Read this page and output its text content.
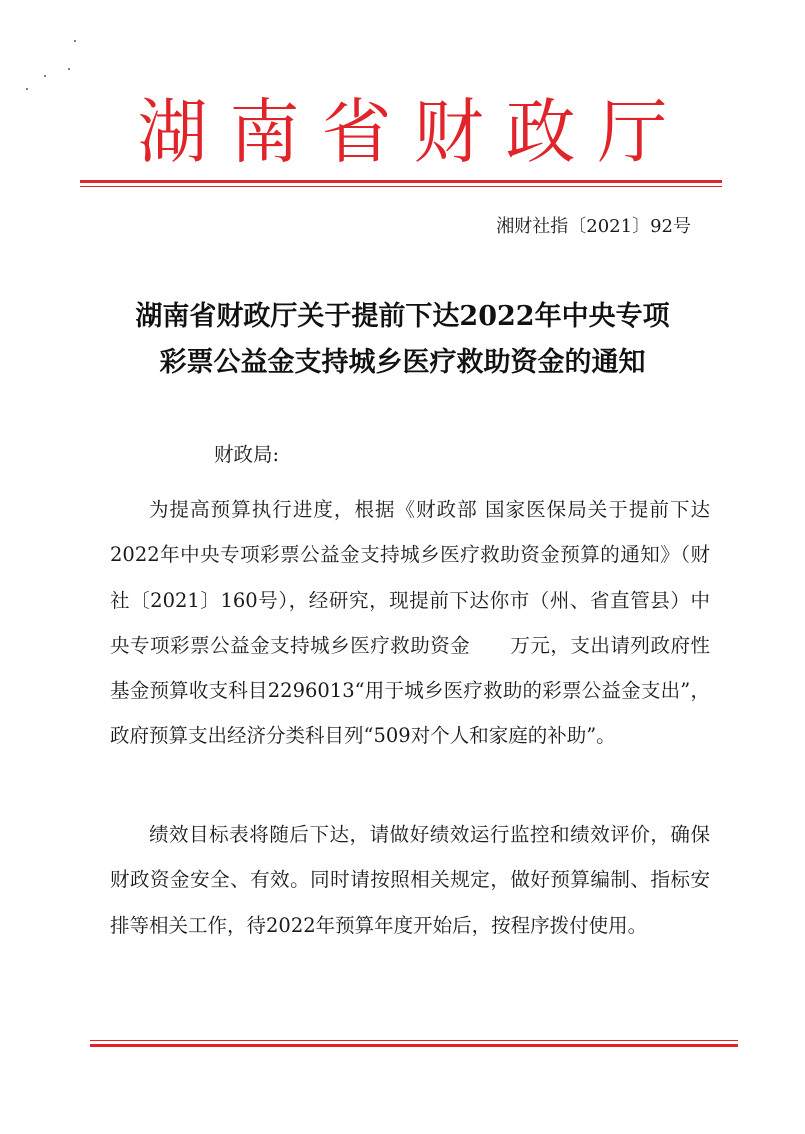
湖南省财政厅
湘财社指〔2021〕92号
湖南省财政厅关于提前下达2022年中央专项
彩票公益金支持城乡医疗救助资金的通知
财政局:

为提高预算执行进度，根据《财政部 国家医保局关于提前下达2022年中央专项彩票公益金支持城乡医疗救助资金预算的通知》（财社〔2021〕160号），经研究，现提前下达你市（州、省直管县）中央专项彩票公益金支持城乡医疗救助资金　　万元，支出请列政府性基金预算收支科目2296013“用于城乡医疗救助的彩票公益金支出”，政府预算支出经济分类科目列“509对个人和家庭的补助”。

绩效目标表将随后下达，请做好绩效运行监控和绩效评价，确保财政资金安全、有效。同时请按照相关规定，做好预算编制、指标安排等相关工作，待2022年预算年度开始后，按程序拨付使用。
